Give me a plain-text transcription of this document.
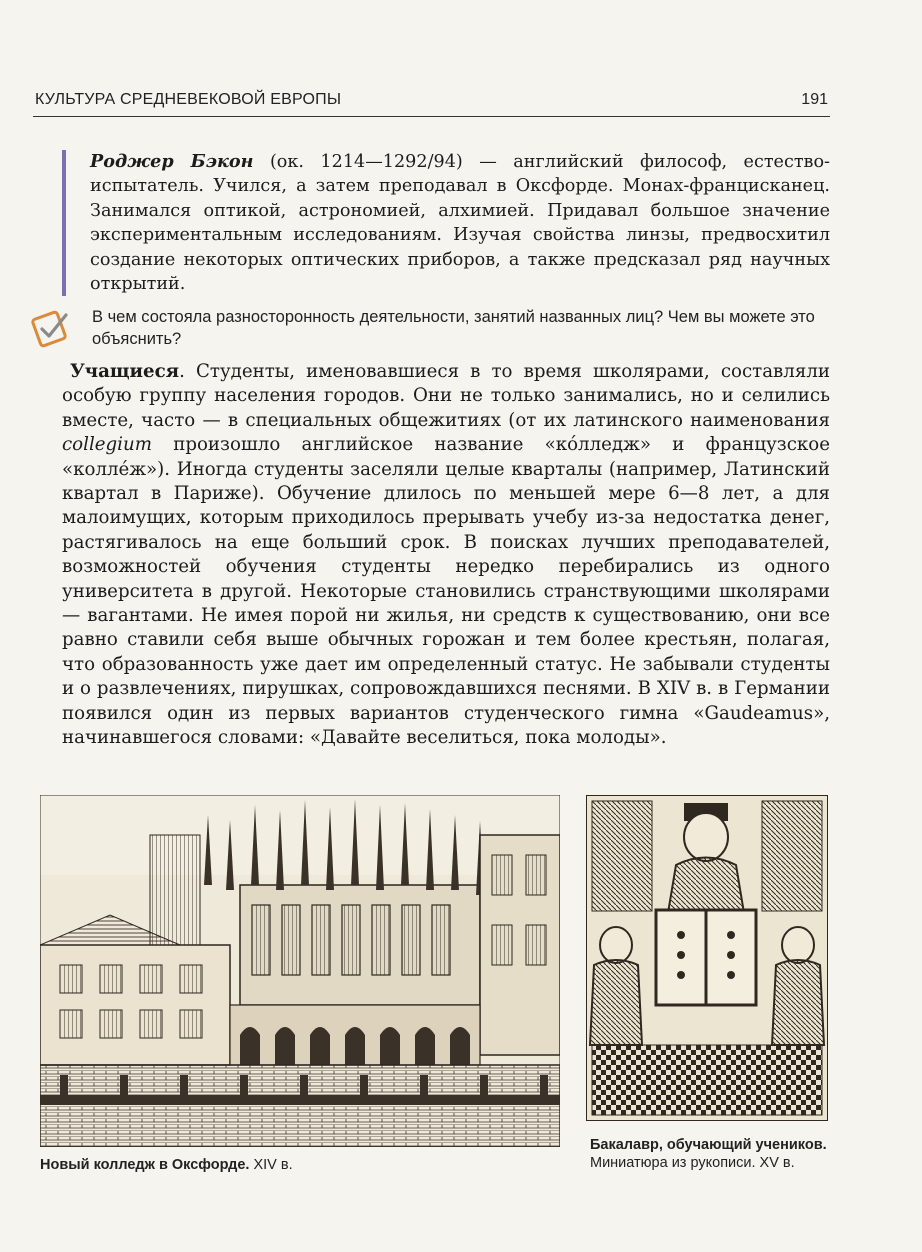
КУЛЬТУРА СРЕДНЕВЕКОВОЙ ЕВРОПЫ	191
Роджер Бэкон (ок. 1214—1292/94) — английский философ, естество-испытатель. Учился, а затем преподавал в Оксфорде. Монах-францисканец. Занимался оптикой, астрономией, алхимией. Придавал большое значение экспериментальным исследованиям. Изучая свойства линзы, предвосхитил создание некоторых оптических приборов, а также предсказал ряд научных открытий.
В чем состояла разносторонность деятельности, занятий названных лиц? Чем вы можете это объяснить?
Учащиеся. Студенты, именовавшиеся в то время школярами, составляли особую группу населения городов. Они не только занимались, но и селились вместе, часто — в специальных общежитиях (от их латинского наименования collegium произошло английское название «ко́лледж» и французское «колле́ж»). Иногда студенты заселяли целые кварталы (например, Латинский квартал в Париже). Обучение длилось по меньшей мере 6—8 лет, а для малоимущих, которым приходилось прерывать учебу из-за недостатка денег, растягивалось на еще больший срок. В поисках лучших преподавателей, возможностей обучения студенты нередко перебирались из одного университета в другой. Некоторые становились странствующими школярами — вагантами. Не имея порой ни жилья, ни средств к существованию, они все равно ставили себя выше обычных горожан и тем более крестьян, полагая, что образованность уже дает им определенный статус. Не забывали студенты и о развлечениях, пирушках, сопровождавшихся песнями. В XIV в. в Германии появился один из первых вариантов студенческого гимна «Gaudeamus», начинавшегося словами: «Давайте веселиться, пока молоды».
Новый колледж в Оксфорде. XIV в.
Бакалавр, обучающий учеников. Миниатюра из рукописи. XV в.
